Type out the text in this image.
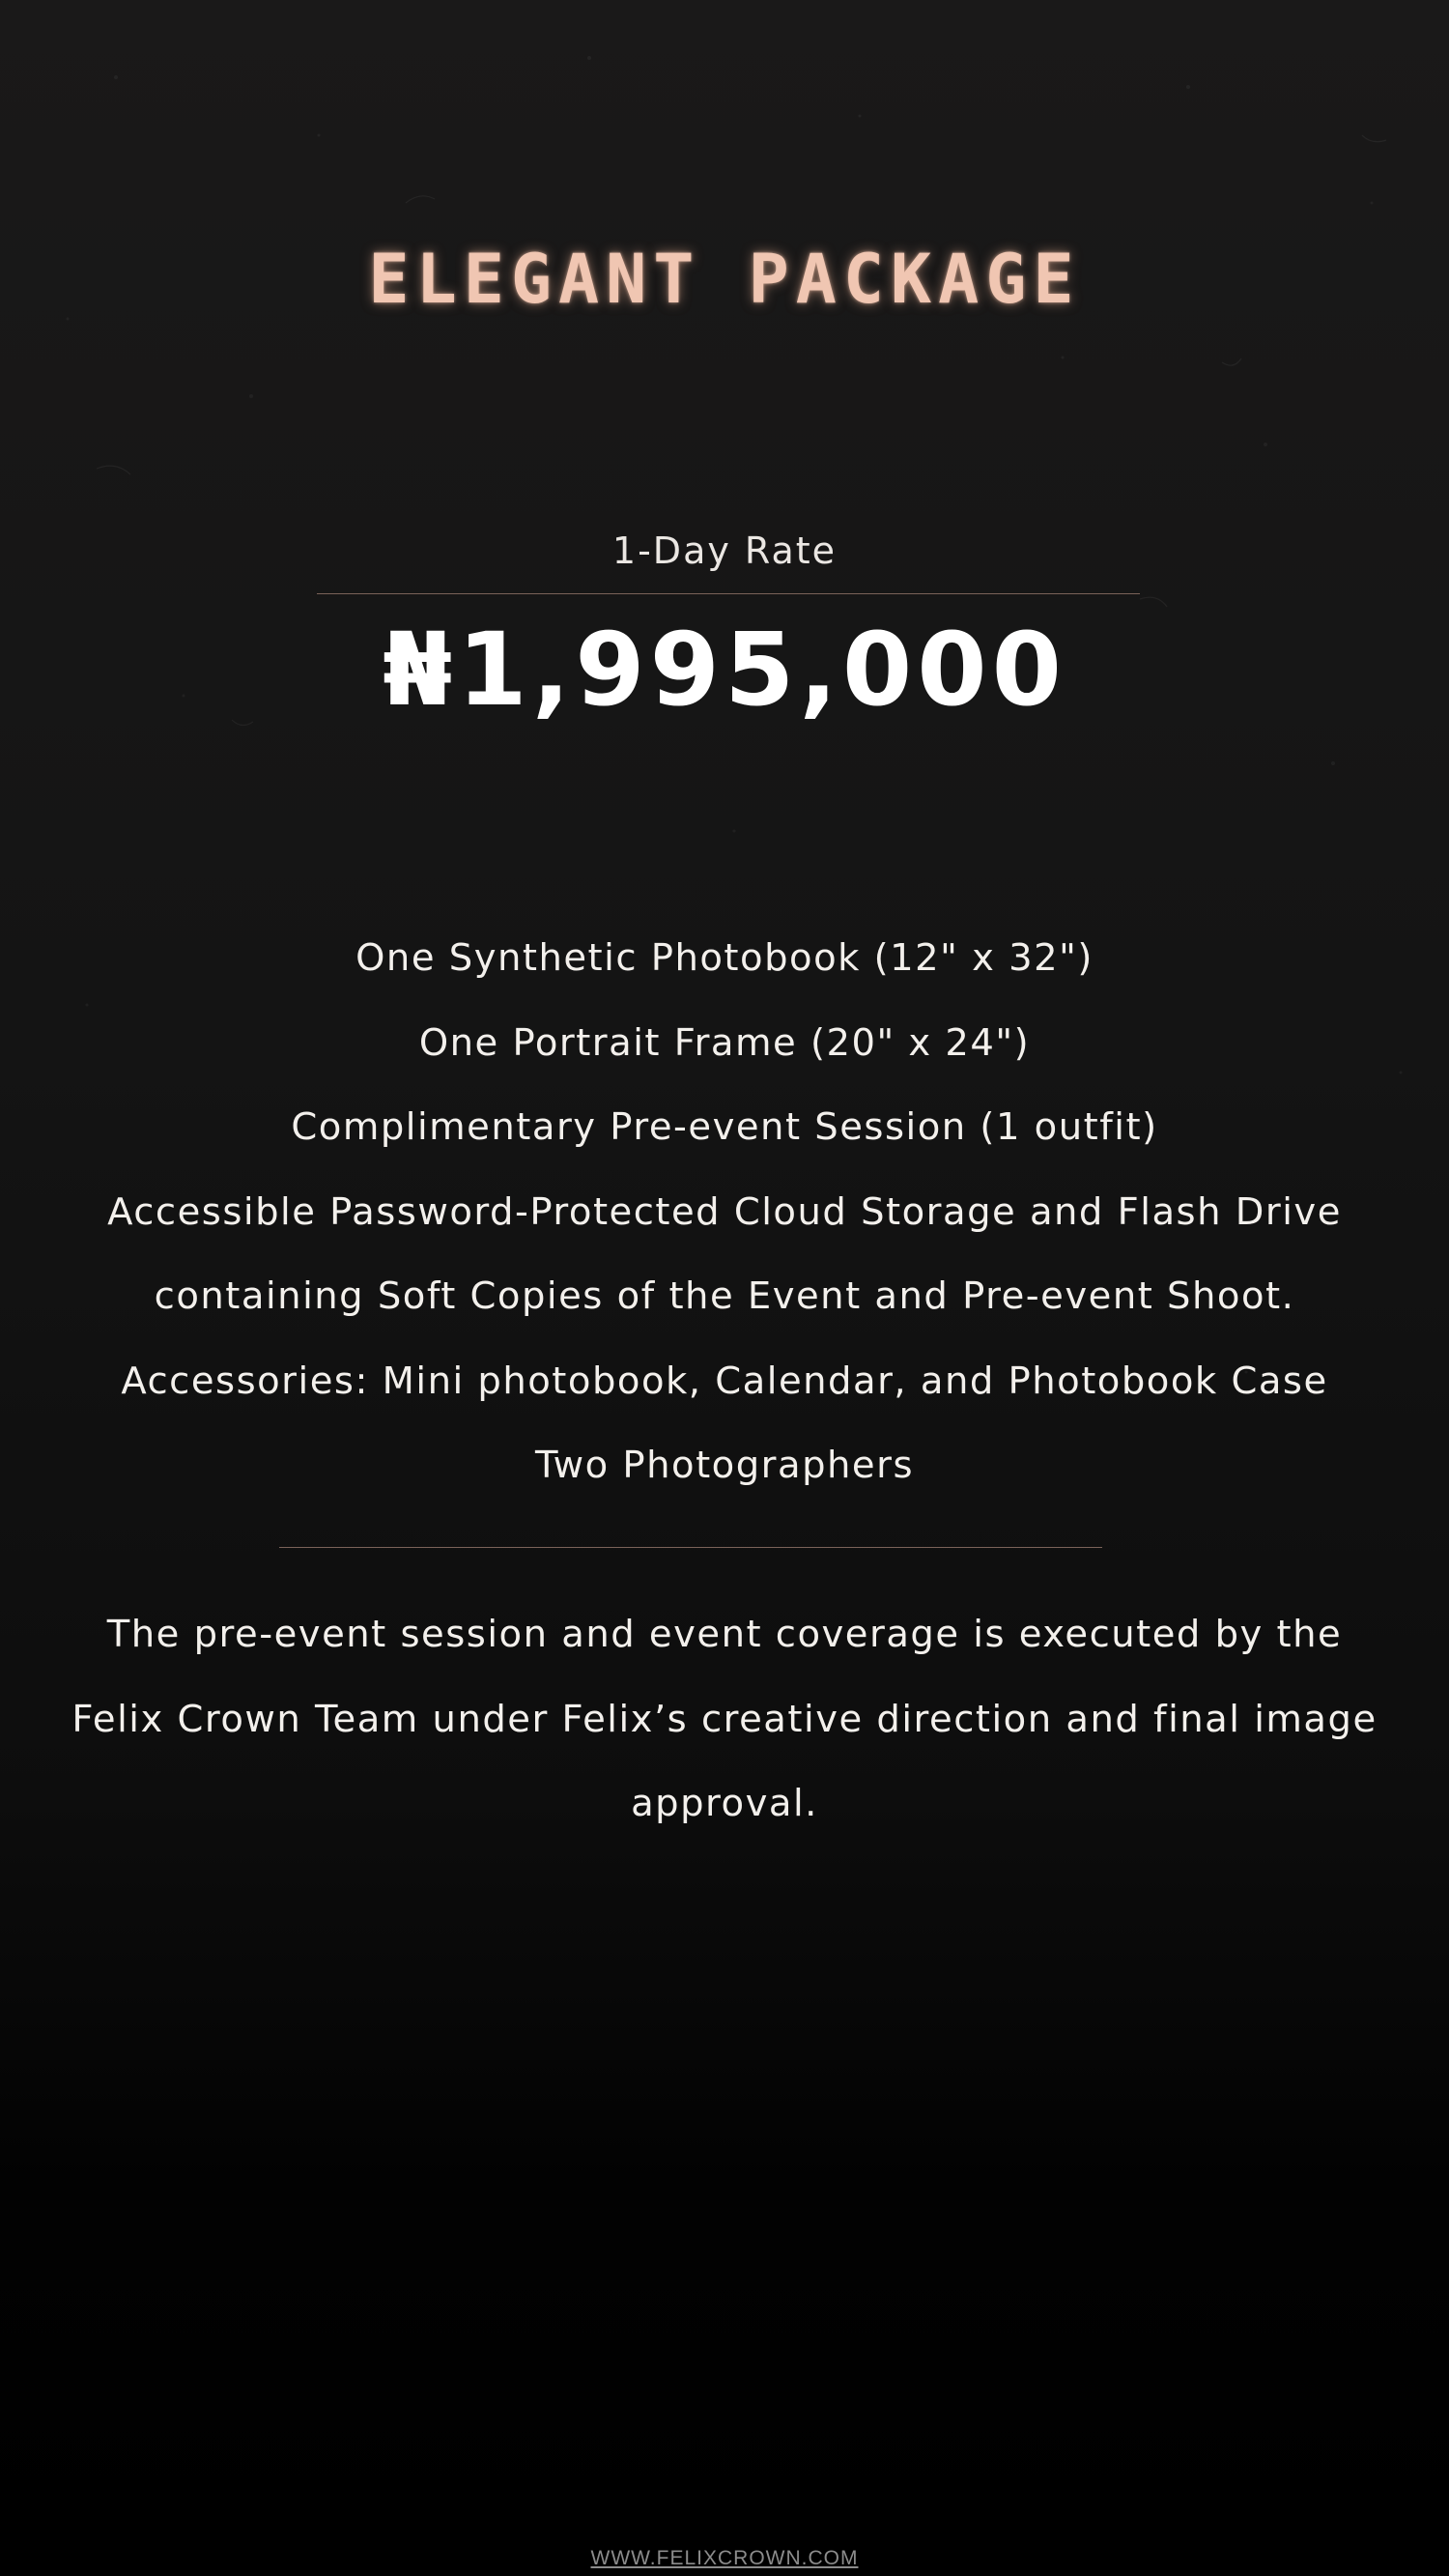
ELEGANT PACKAGE
1-Day Rate
₦1,995,000
One Synthetic Photobook (12" x 32")
One Portrait Frame (20" x 24")
Complimentary Pre-event Session (1 outfit)
Accessible Password-Protected Cloud Storage and Flash Drive containing Soft Copies of the Event and Pre-event Shoot.
Accessories: Mini photobook, Calendar, and Photobook Case
Two Photographers

The pre-event session and event coverage is executed by the Felix Crown Team under Felix’s creative direction and final image approval.

WWW.FELIXCROWN.COM
